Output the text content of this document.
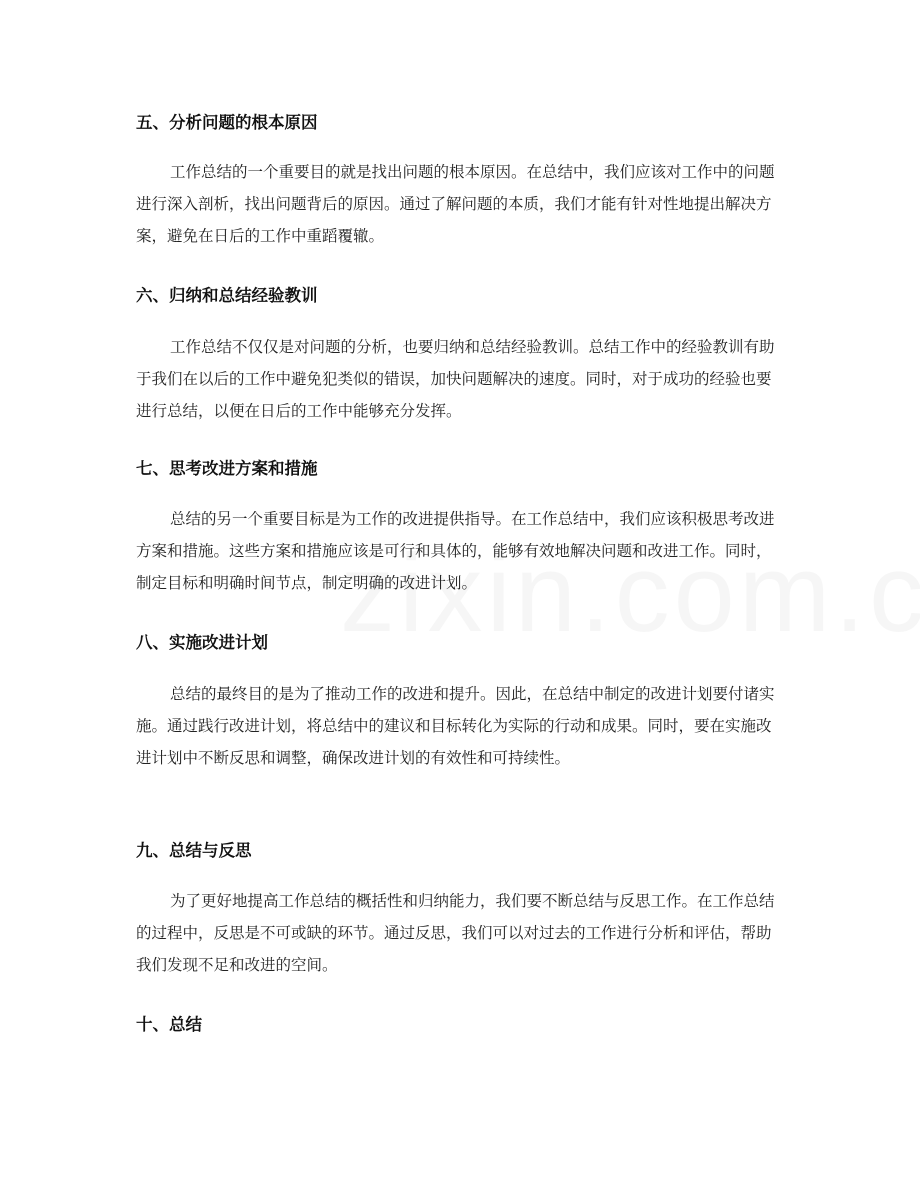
五、分析问题的根本原因

工作总结的一个重要目的就是找出问题的根本原因。在总结中，我们应该对工作中的问题进行深入剖析，找出问题背后的原因。通过了解问题的本质，我们才能有针对性地提出解决方案，避免在日后的工作中重蹈覆辙。

六、归纳和总结经验教训

工作总结不仅仅是对问题的分析，也要归纳和总结经验教训。总结工作中的经验教训有助于我们在以后的工作中避免犯类似的错误，加快问题解决的速度。同时，对于成功的经验也要进行总结，以便在日后的工作中能够充分发挥。

七、思考改进方案和措施

总结的另一个重要目标是为工作的改进提供指导。在工作总结中，我们应该积极思考改进方案和措施。这些方案和措施应该是可行和具体的，能够有效地解决问题和改进工作。同时，制定目标和明确时间节点，制定明确的改进计划。

八、实施改进计划

总结的最终目的是为了推动工作的改进和提升。因此，在总结中制定的改进计划要付诸实施。通过践行改进计划，将总结中的建议和目标转化为实际的行动和成果。同时，要在实施改进计划中不断反思和调整，确保改进计划的有效性和可持续性。

九、总结与反思

为了更好地提高工作总结的概括性和归纳能力，我们要不断总结与反思工作。在工作总结的过程中，反思是不可或缺的环节。通过反思，我们可以对过去的工作进行分析和评估，帮助我们发现不足和改进的空间。

十、总结
